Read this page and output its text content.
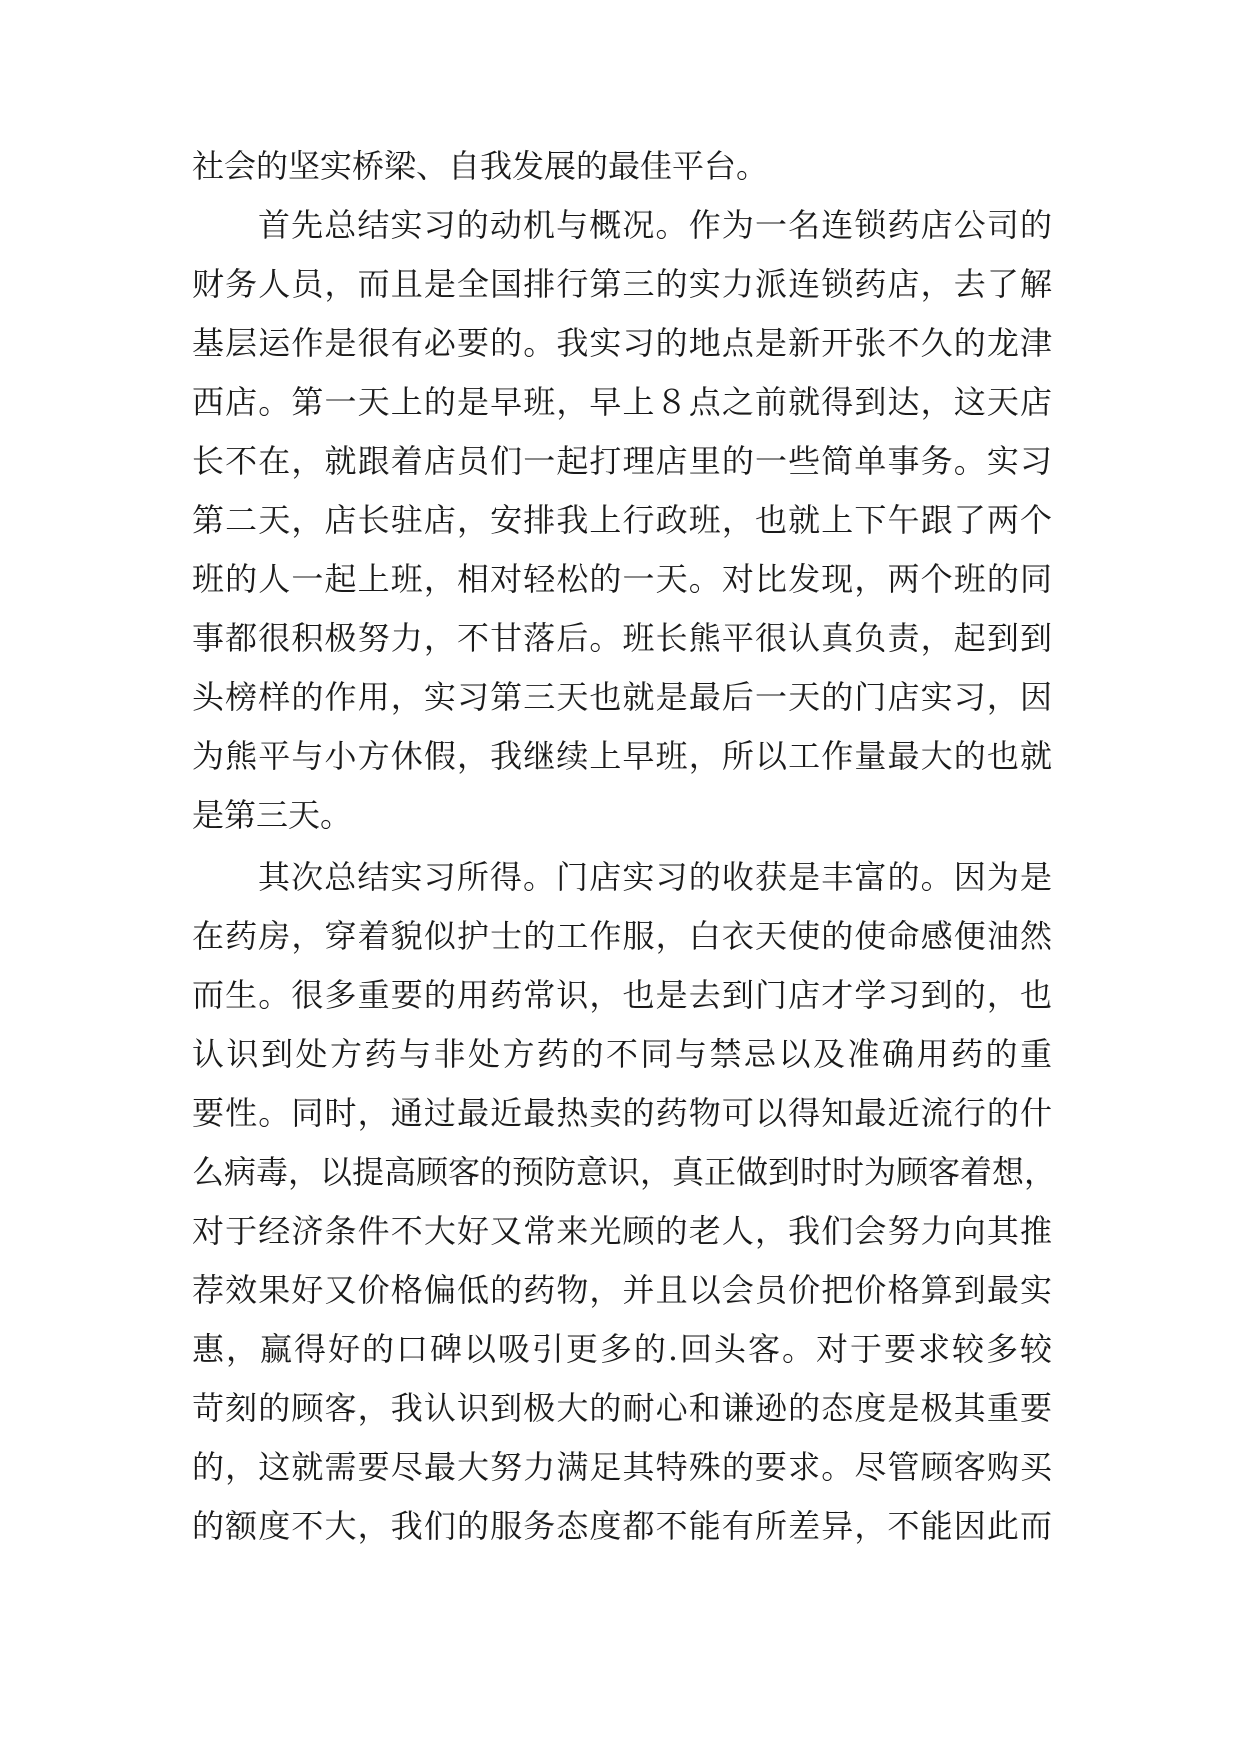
社会的坚实桥梁、自我发展的最佳平台。

首先总结实习的动机与概况。作为一名连锁药店公司的

财务人员，而且是全国排行第三的实力派连锁药店，去了解

基层运作是很有必要的。我实习的地点是新开张不久的龙津

西店。第一天上的是早班，早上８点之前就得到达，这天店

长不在，就跟着店员们一起打理店里的一些简单事务。实习

第二天，店长驻店，安排我上行政班，也就上下午跟了两个

班的人一起上班，相对轻松的一天。对比发现，两个班的同

事都很积极努力，不甘落后。班长熊平很认真负责，起到到

头榜样的作用，实习第三天也就是最后一天的门店实习，因

为熊平与小方休假，我继续上早班，所以工作量最大的也就

是第三天。

其次总结实习所得。门店实习的收获是丰富的。因为是

在药房，穿着貌似护士的工作服，白衣天使的使命感便油然

而生。很多重要的用药常识，也是去到门店才学习到的，也

认识到处方药与非处方药的不同与禁忌以及准确用药的重

要性。同时，通过最近最热卖的药物可以得知最近流行的什

么病毒，以提高顾客的预防意识，真正做到时时为顾客着想，

对于经济条件不大好又常来光顾的老人，我们会努力向其推

荐效果好又价格偏低的药物，并且以会员价把价格算到最实

惠，赢得好的口碑以吸引更多的.回头客。对于要求较多较

苛刻的顾客，我认识到极大的耐心和谦逊的态度是极其重要

的，这就需要尽最大努力满足其特殊的要求。尽管顾客购买

的额度不大，我们的服务态度都不能有所差异，不能因此而
